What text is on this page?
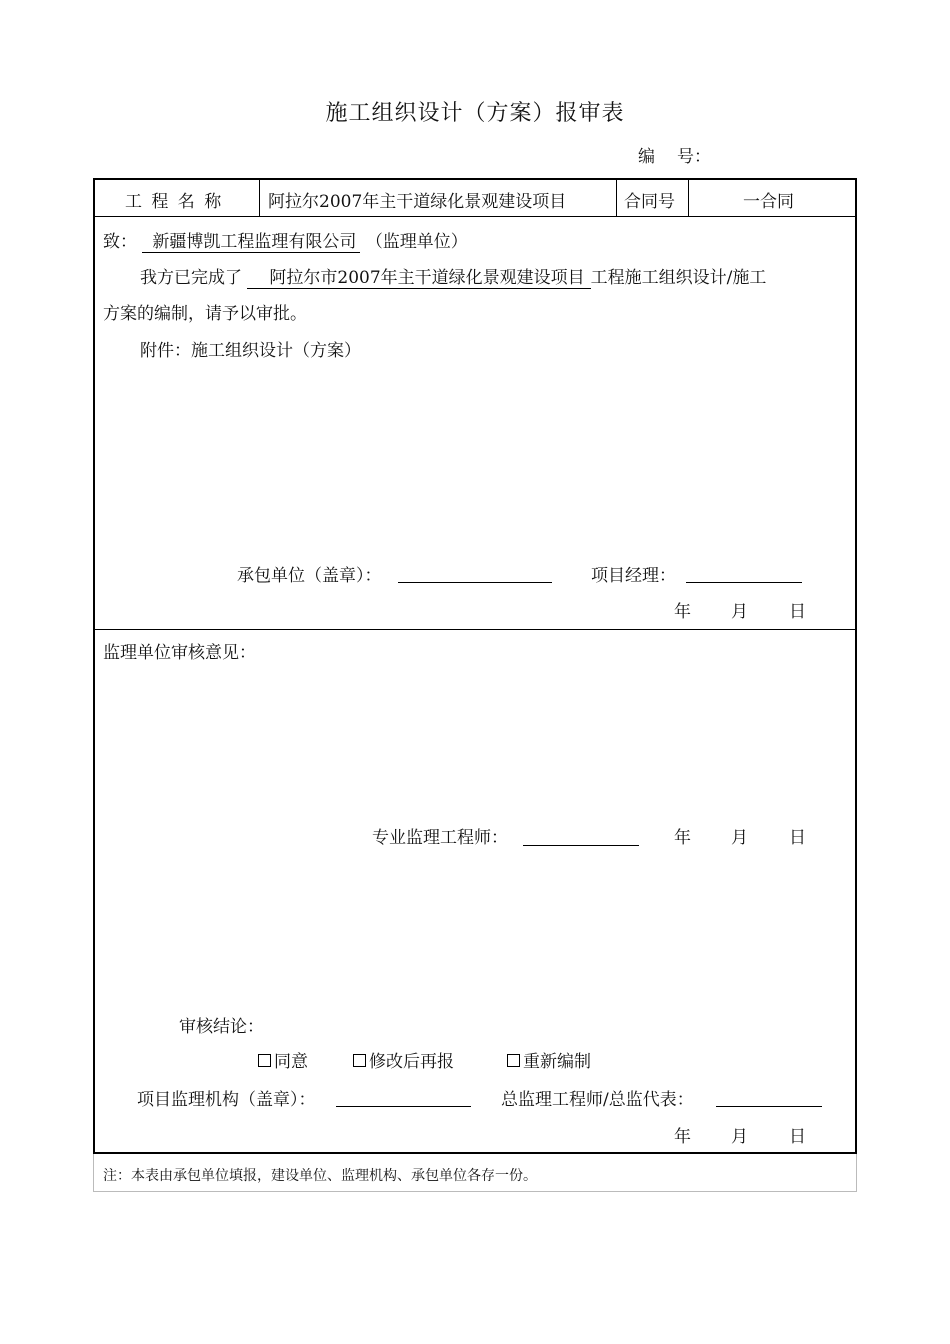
施工组织设计（方案）报审表
编 号：
工 程 名 称	阿拉尔2007年主干道绿化景观建设项目	合同号	一合同
致： 新疆博凯工程监理有限公司 （监理单位）
我方已完成了 阿拉尔市2007年主干道绿化景观建设项目 工程施工组织设计/施工
方案的编制，请予以审批。
附件：施工组织设计（方案）
承包单位（盖章）：	项目经理：
年 月 日
监理单位审核意见：
专业监理工程师：	年 月 日
审核结论：
同意	修改后再报	重新编制
项目监理机构（盖章）：	总监理工程师/总监代表：
年 月 日
注：本表由承包单位填报，建设单位、监理机构、承包单位各存一份。
